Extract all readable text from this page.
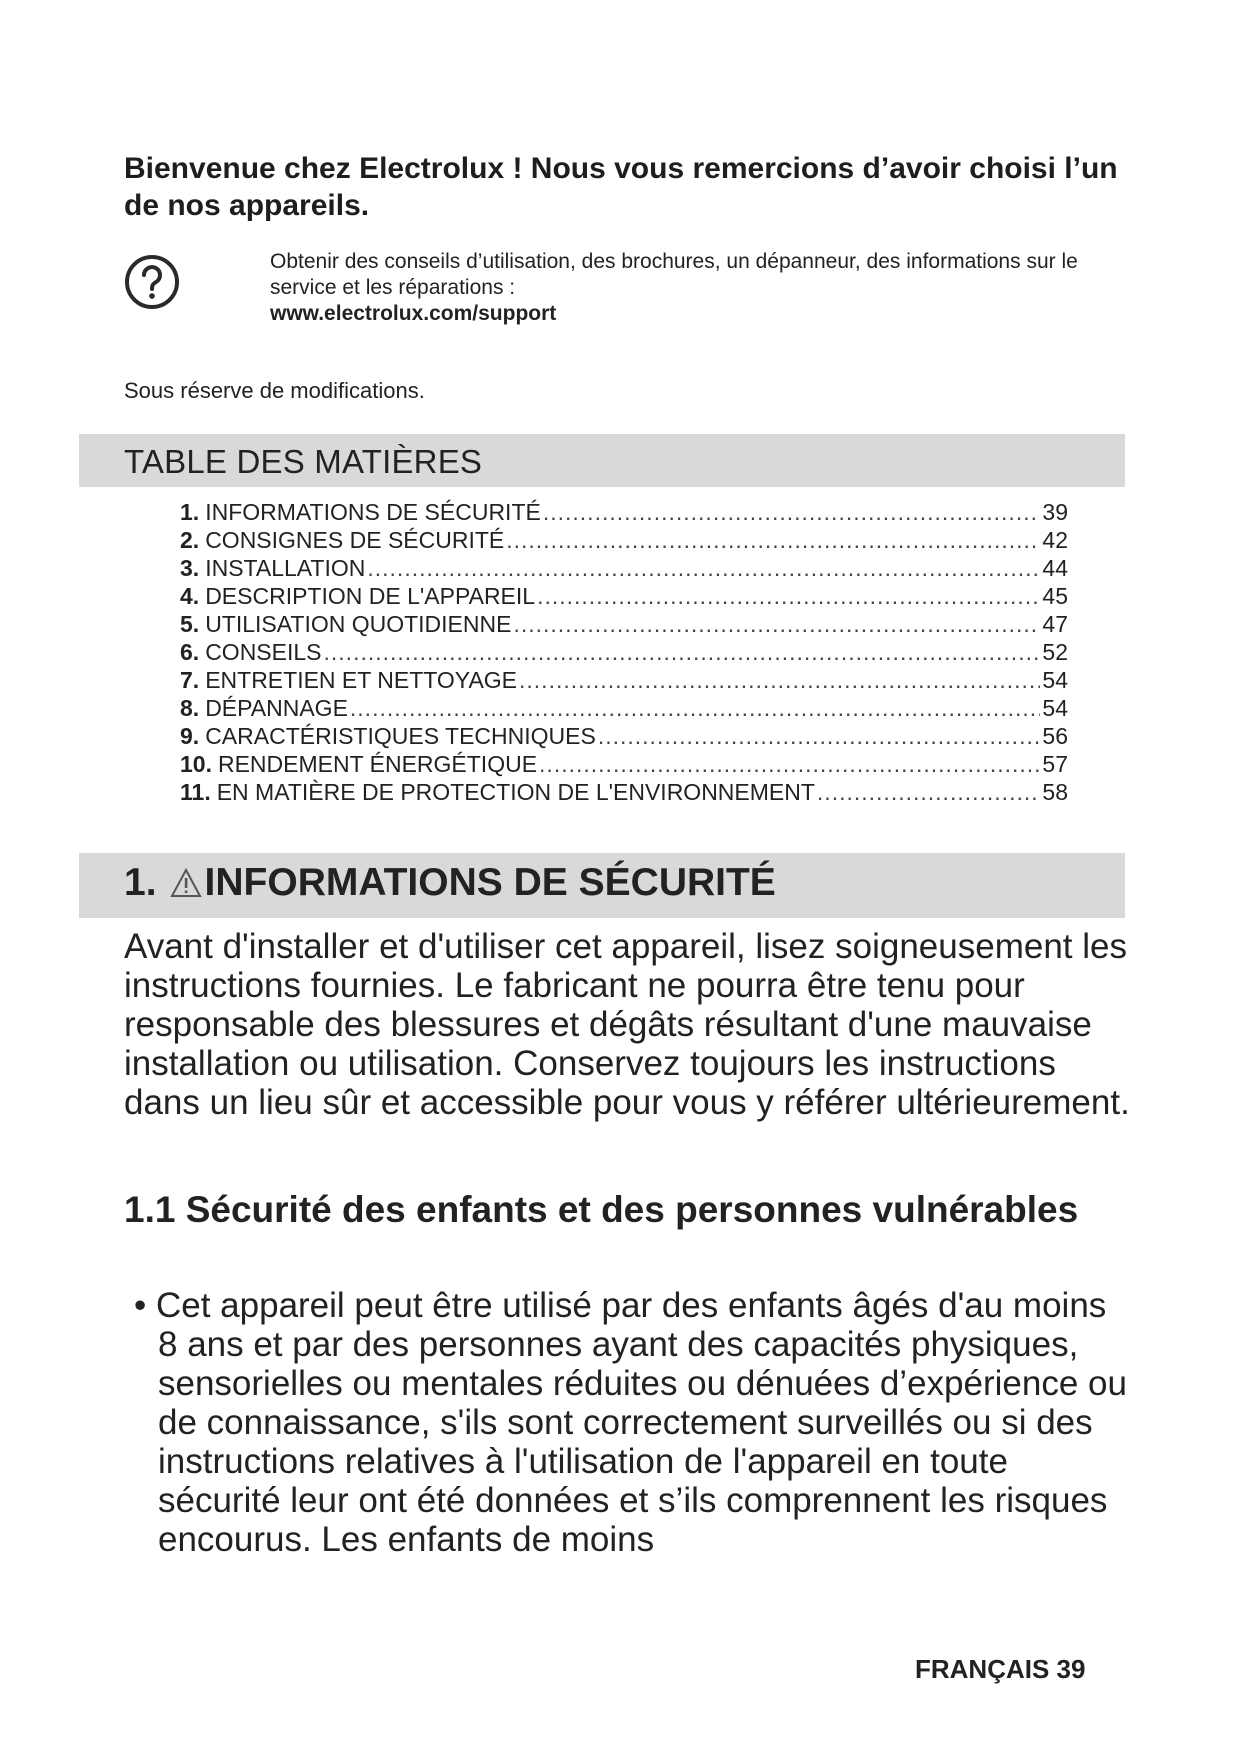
Bienvenue chez Electrolux ! Nous vous remercions d’avoir choisi l’un de nos appareils.
Obtenir des conseils d’utilisation, des brochures, un dépanneur, des informations sur le service et les réparations :
www.electrolux.com/support
Sous réserve de modifications.
TABLE DES MATIÈRES
1. INFORMATIONS DE SÉCURITÉ .....	39
2. CONSIGNES DE SÉCURITÉ .....	42
3. INSTALLATION .....	44
4. DESCRIPTION DE L'APPAREIL .....	45
5. UTILISATION QUOTIDIENNE .....	47
6. CONSEILS .....	52
7. ENTRETIEN ET NETTOYAGE .....	54
8. DÉPANNAGE .....	54
9. CARACTÉRISTIQUES TECHNIQUES .....	56
10. RENDEMENT ÉNERGÉTIQUE .....	57
11. EN MATIÈRE DE PROTECTION DE L'ENVIRONNEMENT .....	58
1. INFORMATIONS DE SÉCURITÉ
Avant d'installer et d'utiliser cet appareil, lisez soigneusement les instructions fournies. Le fabricant ne pourra être tenu pour responsable des blessures et dégâts résultant d'une mauvaise installation ou utilisation. Conservez toujours les instructions dans un lieu sûr et accessible pour vous y référer ultérieurement.
1.1 Sécurité des enfants et des personnes vulnérables
• Cet appareil peut être utilisé par des enfants âgés d'au moins 8 ans et par des personnes ayant des capacités physiques, sensorielles ou mentales réduites ou dénuées d’expérience ou de connaissance, s'ils sont correctement surveillés ou si des instructions relatives à l'utilisation de l'appareil en toute sécurité leur ont été données et s’ils comprennent les risques encourus. Les enfants de moins
FRANÇAIS 39
